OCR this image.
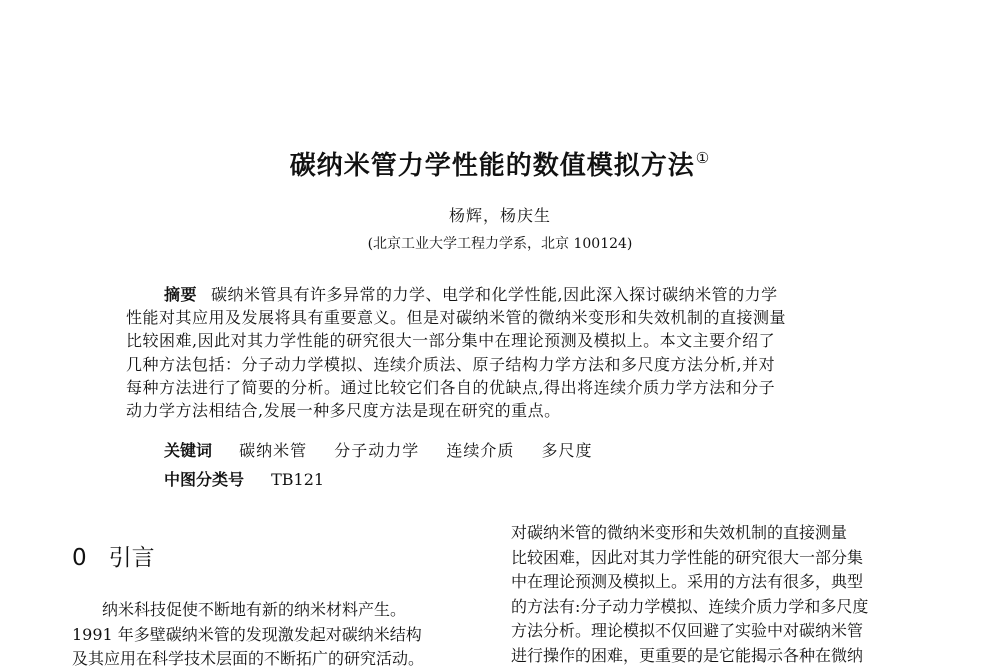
碳纳米管力学性能的数值模拟方法①
杨辉，杨庆生
(北京工业大学工程力学系，北京 100124)
摘要 碳纳米管具有许多异常的力学、电学和化学性能,因此深入探讨碳纳米管的力学
性能对其应用及发展将具有重要意义。但是对碳纳米管的微纳米变形和失效机制的直接测量
比较困难,因此对其力学性能的研究很大一部分集中在理论预测及模拟上。本文主要介绍了
几种方法包括：分子动力学模拟、连续介质法、原子结构力学方法和多尺度方法分析,并对
每种方法进行了简要的分析。通过比较它们各自的优缺点,得出将连续介质力学方法和分子
动力学方法相结合,发展一种多尺度方法是现在研究的重点。
关键词 碳纳米管 分子动力学 连续介质 多尺度
中图分类号 TB121
0 引言
纳米科技促使不断地有新的纳米材料产生。
1991 年多壁碳纳米管的发现激发起对碳纳米结构
及其应用在科学技术层面的不断拓广的研究活动。
对碳纳米管的微纳米变形和失效机制的直接测量
比较困难，因此对其力学性能的研究很大一部分集
中在理论预测及模拟上。采用的方法有很多，典型
的方法有:分子动力学模拟、连续介质力学和多尺度
方法分析。理论模拟不仅回避了实验中对碳纳米管
进行操作的困难，更重要的是它能揭示各种在微纳
